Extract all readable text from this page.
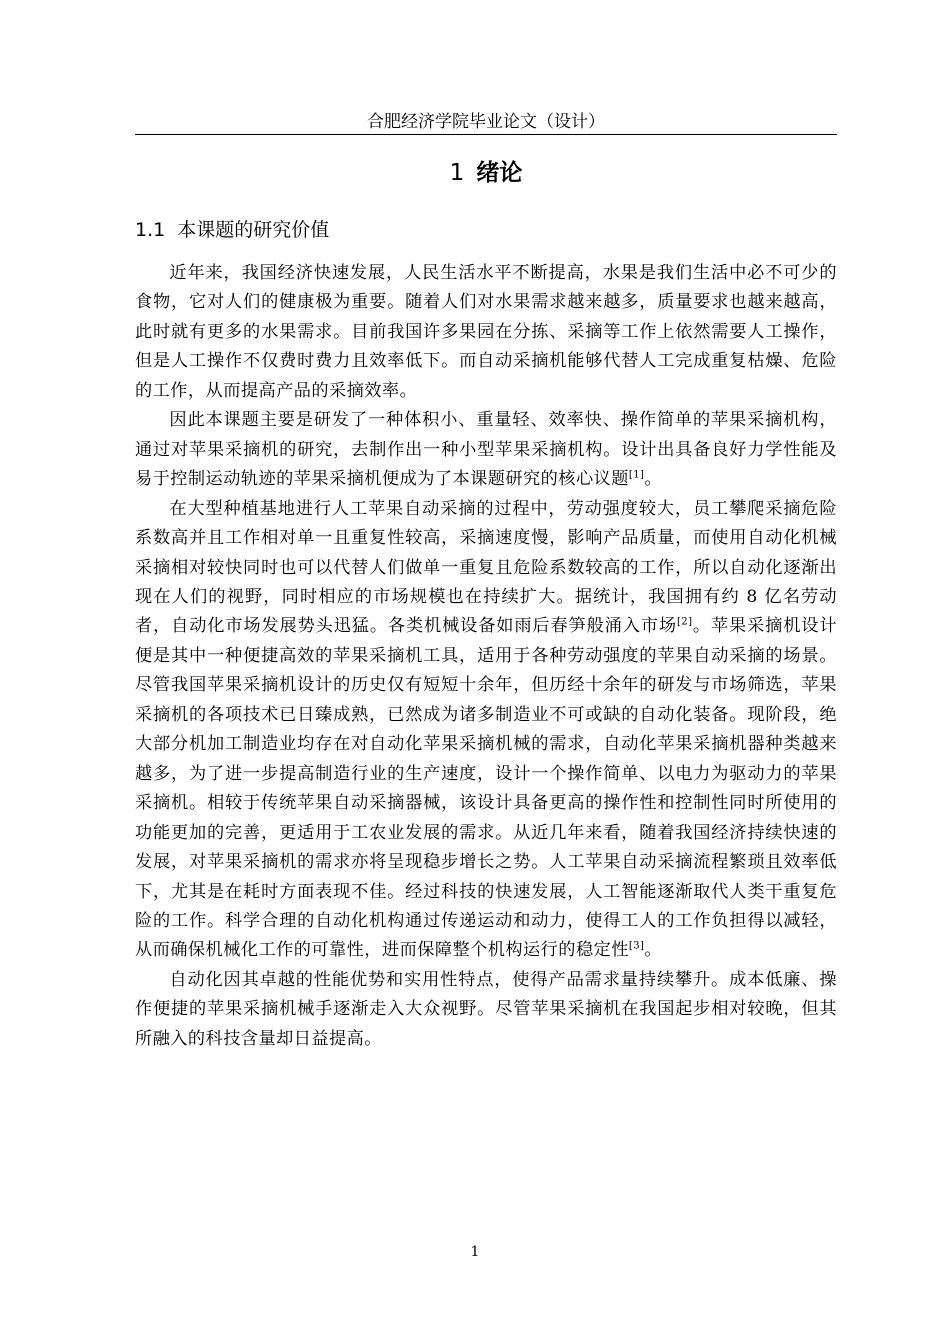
合肥经济学院毕业论文（设计）
1 绪论
1.1 本课题的研究价值

近年来，我国经济快速发展，人民生活水平不断提高，水果是我们生活中必不可少的食物，它对人们的健康极为重要。随着人们对水果需求越来越多，质量要求也越来越高，此时就有更多的水果需求。目前我国许多果园在分拣、采摘等工作上依然需要人工操作，但是人工操作不仅费时费力且效率低下。而自动采摘机能够代替人工完成重复枯燥、危险的工作，从而提高产品的采摘效率。

因此本课题主要是研发了一种体积小、重量轻、效率快、操作简单的苹果采摘机构，通过对苹果采摘机的研究，去制作出一种小型苹果采摘机构。设计出具备良好力学性能及易于控制运动轨迹的苹果采摘机便成为了本课题研究的核心议题[1]。

在大型种植基地进行人工苹果自动采摘的过程中，劳动强度较大，员工攀爬采摘危险系数高并且工作相对单一且重复性较高，采摘速度慢，影响产品质量，而使用自动化机械采摘相对较快同时也可以代替人们做单一重复且危险系数较高的工作，所以自动化逐渐出现在人们的视野，同时相应的市场规模也在持续扩大。据统计，我国拥有约 8 亿名劳动者，自动化市场发展势头迅猛。各类机械设备如雨后春笋般涌入市场[2]。苹果采摘机设计便是其中一种便捷高效的苹果采摘机工具，适用于各种劳动强度的苹果自动采摘的场景。尽管我国苹果采摘机设计的历史仅有短短十余年，但历经十余年的研发与市场筛选，苹果采摘机的各项技术已日臻成熟，已然成为诸多制造业不可或缺的自动化装备。现阶段，绝大部分机加工制造业均存在对自动化苹果采摘机械的需求，自动化苹果采摘机器种类越来越多，为了进一步提高制造行业的生产速度，设计一个操作简单、以电力为驱动力的苹果采摘机。相较于传统苹果自动采摘器械，该设计具备更高的操作性和控制性同时所使用的功能更加的完善，更适用于工农业发展的需求。从近几年来看，随着我国经济持续快速的发展，对苹果采摘机的需求亦将呈现稳步增长之势。人工苹果自动采摘流程繁琐且效率低下，尤其是在耗时方面表现不佳。经过科技的快速发展，人工智能逐渐取代人类干重复危险的工作。科学合理的自动化机构通过传递运动和动力，使得工人的工作负担得以减轻，从而确保机械化工作的可靠性，进而保障整个机构运行的稳定性[3]。

自动化因其卓越的性能优势和实用性特点，使得产品需求量持续攀升。成本低廉、操作便捷的苹果采摘机械手逐渐走入大众视野。尽管苹果采摘机在我国起步相对较晚，但其所融入的科技含量却日益提高。

1
